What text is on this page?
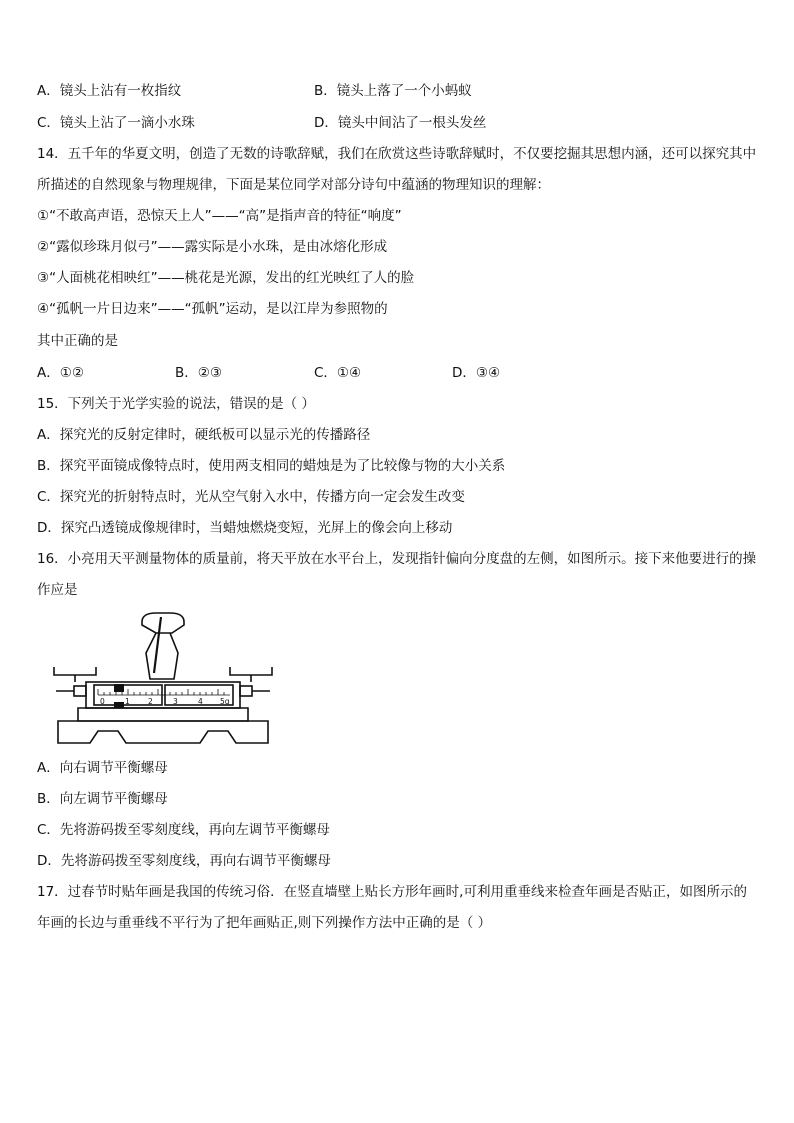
A．镜头上沾有一枚指纹	B．镜头上落了一个小蚂蚁
C．镜头上沾了一滴小水珠	D．镜头中间沾了一根头发丝
14．五千年的华夏文明，创造了无数的诗歌辞赋，我们在欣赏这些诗歌辞赋时，不仅要挖掘其思想内涵，还可以探究其中所描述的自然现象与物理规律，下面是某位同学对部分诗句中蕴涵的物理知识的理解：
①“不敢高声语，恐惊天上人”——“高”是指声音的特征“响度”
②“露似珍珠月似弓”——露实际是小水珠，是由冰熔化形成
③“人面桃花相映红”——桃花是光源，发出的红光映红了人的脸
④“孤帆一片日边来”——“孤帆”运动，是以江岸为参照物的
其中正确的是
A．①②	B．②③	C．①④	D．③④
15．下列关于光学实验的说法，错误的是（ ）
A．探究光的反射定律时，硬纸板可以显示光的传播路径
B．探究平面镜成像特点时，使用两支相同的蜡烛是为了比较像与物的大小关系
C．探究光的折射特点时，光从空气射入水中，传播方向一定会发生改变
D．探究凸透镜成像规律时，当蜡烛燃烧变短，光屏上的像会向上移动
16．小亮用天平测量物体的质量前，将天平放在水平台上，发现指针偏向分度盘的左侧，如图所示。接下来他要进行的操作应是
0	1 2	3	4 5g
A．向右调节平衡螺母
B．向左调节平衡螺母
C．先将游码拨至零刻度线，再向左调节平衡螺母
D．先将游码拨至零刻度线，再向右调节平衡螺母
17．过春节时贴年画是我国的传统习俗．在竖直墙壁上贴长方形年画时,可利用重垂线来检查年画是否贴正，如图所示的年画的长边与重垂线不平行为了把年画贴正,则下列操作方法中正确的是（ ）
